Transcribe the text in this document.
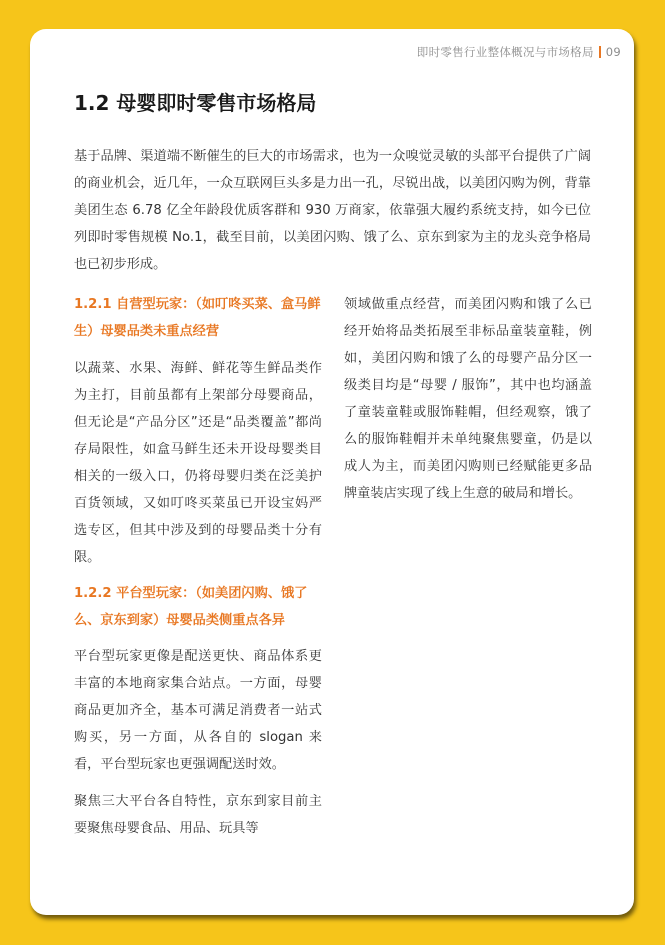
即时零售行业整体概况与市场格局 09
1.2 母婴即时零售市场格局

基于品牌、渠道端不断催生的巨大的市场需求，也为一众嗅觉灵敏的头部平台提供了广阔的商业机会，近几年，一众互联网巨头多是力出一孔，尽锐出战，以美团闪购为例，背靠美团生态 6.78 亿全年龄段优质客群和 930 万商家，依靠强大履约系统支持，如今已位列即时零售规模 No.1，截至目前，以美团闪购、饿了么、京东到家为主的龙头竞争格局也已初步形成。

1.2.1 自营型玩家：（如叮咚买菜、盒马鲜生）母婴品类未重点经营

以蔬菜、水果、海鲜、鲜花等生鲜品类作为主打，目前虽都有上架部分母婴商品，但无论是“产品分区”还是“品类覆盖”都尚存局限性，如盒马鲜生还未开设母婴类目相关的一级入口，仍将母婴归类在泛美护百货领域，又如叮咚买菜虽已开设宝妈严选专区，但其中涉及到的母婴品类十分有限。

1.2.2 平台型玩家：（如美团闪购、饿了么、京东到家）母婴品类侧重点各异

平台型玩家更像是配送更快、商品体系更丰富的本地商家集合站点。一方面，母婴商品更加齐全，基本可满足消费者一站式购买，另一方面，从各自的 slogan 来看，平台型玩家也更强调配送时效。

聚焦三大平台各自特性，京东到家目前主要聚焦母婴食品、用品、玩具等

领域做重点经营，而美团闪购和饿了么已经开始将品类拓展至非标品童装童鞋，例如，美团闪购和饿了么的母婴产品分区一级类目均是“母婴 / 服饰”，其中也均涵盖了童装童鞋或服饰鞋帽，但经观察，饿了么的服饰鞋帽并未单纯聚焦婴童，仍是以成人为主，而美团闪购则已经赋能更多品牌童装店实现了线上生意的破局和增长。
